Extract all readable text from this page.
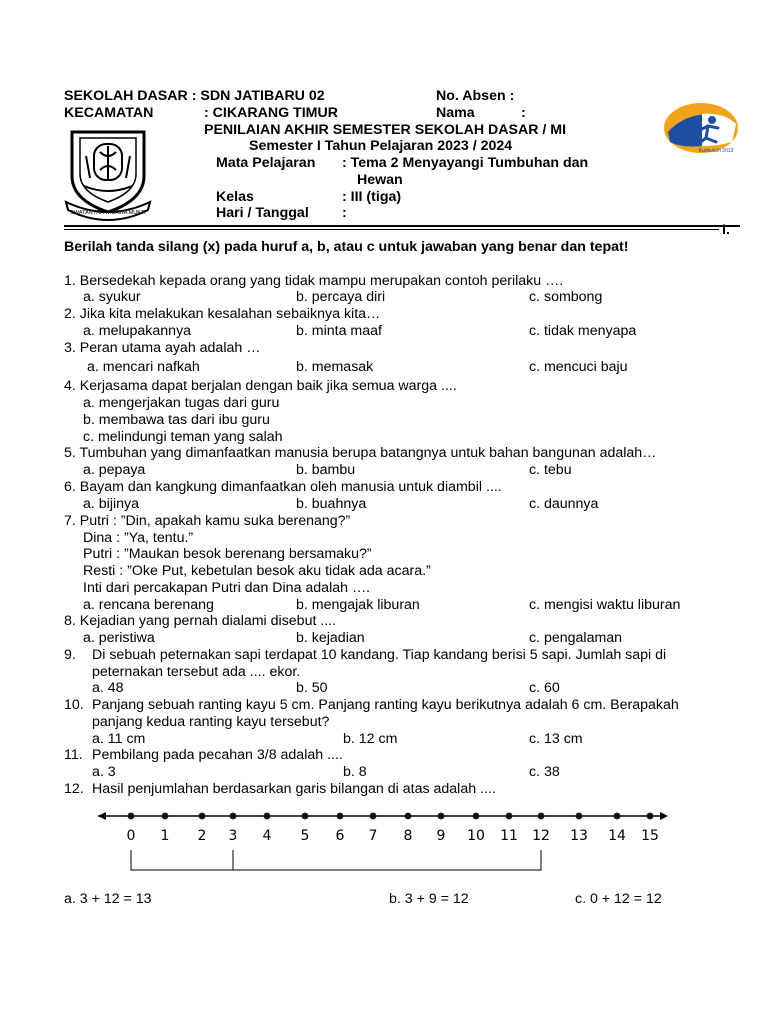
SWATANTRA WIBAWA MUKTI
Kurikulum 2013
SEKOLAH DASAR : SDN JATIBARU 02	No. Absen :
KECAMATAN	: CIKARANG TIMUR	Nama	:
PENILAIAN AKHIR SEMESTER SEKOLAH DASAR / MI
Semester I Tahun Pelajaran 2023 / 2024
Mata Pelajaran : Tema 2 Menyayangi Tumbuhan dan
Hewan
Kelas	: III (tiga)
Hari / Tanggal :
I.
Berilah tanda silang (x) pada huruf a, b, atau c untuk jawaban yang benar dan tepat!
1. Bersedekah kepada orang yang tidak mampu merupakan contoh perilaku ….
a. syukur	b. percaya diri	c. sombong
2. Jika kita melakukan kesalahan sebaiknya kita…
a. melupakannya	b. minta maaf	c. tidak menyapa
3. Peran utama ayah adalah …
a. mencari nafkah	b. memasak	c. mencuci baju
4. Kerjasama dapat berjalan dengan baik jika semua warga ....
a. mengerjakan tugas dari guru
b. membawa tas dari ibu guru
c. melindungi teman yang salah
5. Tumbuhan yang dimanfaatkan manusia berupa batangnya untuk bahan bangunan adalah…
a. pepaya	b. bambu	c. tebu
6. Bayam dan kangkung dimanfaatkan oleh manusia untuk diambil ....
a. bijinya	b. buahnya	c. daunnya
7. Putri : ”Din, apakah kamu suka berenang?”
Dina : ”Ya, tentu.”
Putri : ”Maukan besok berenang bersamaku?”
Resti : ”Oke Put, kebetulan besok aku tidak ada acara.”
Inti dari percakapan Putri dan Dina adalah ….
a. rencana berenang	b. mengajak liburan	c. mengisi waktu liburan
8. Kejadian yang pernah dialami disebut ....
a. peristiwa	b. kejadian	c. pengalaman
9. Di sebuah peternakan sapi terdapat 10 kandang. Tiap kandang berisi 5 sapi. Jumlah sapi di
peternakan tersebut ada .... ekor.
a. 48	b. 50	c. 60
10. Panjang sebuah ranting kayu 5 cm. Panjang ranting kayu berikutnya adalah 6 cm. Berapakah
panjang kedua ranting kayu tersebut?
a. 11 cm	b. 12 cm	c. 13 cm
11. Pembilang pada pecahan 3/8 adalah ....
a. 3	b. 8	c. 38
12. Hasil penjumlahan berdasarkan garis bilangan di atas adalah ....
0 1 2 3 4 5 6 7 8 9 10 11 12 13 14 15
a. 3 + 12 = 13	b. 3 + 9 = 12	c. 0 + 12 = 12
